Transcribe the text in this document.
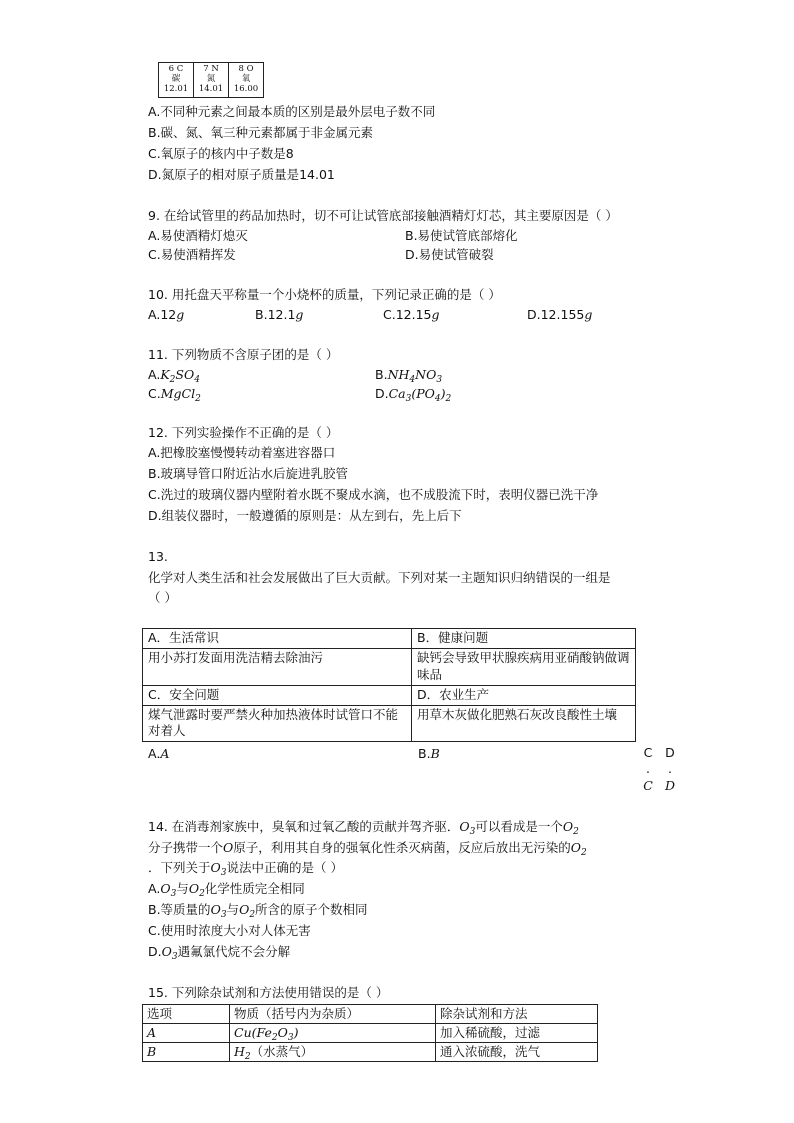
6 C
碳
12.01

7 N
氮
14.01

8 O
氧
16.00
A.不同种元素之间最本质的区别是最外层电子数不同
B.碳、氮、氧三种元素都属于非金属元素
C.氧原子的核内中子数是8
D.氮原子的相对原子质量是14.01
9. 在给试管里的药品加热时，切不可让试管底部接触酒精灯灯芯，其主要原因是（ ）
A.易使酒精灯熄灭	B.易使试管底部熔化
C.易使酒精挥发	D.易使试管破裂
10. 用托盘天平称量一个小烧杯的质量，下列记录正确的是（ ）
A.12g	B.12.1g	C.12.15g	D.12.155g
11. 下列物质不含原子团的是（ ）
$A.K_2SO_4$	$B.NH_4NO_3$
C.MgCl$_2$	$D.Ca_3(PO_4)_2$
12. 下列实验操作不正确的是（ ）
A.把橡胶塞慢慢转动着塞进容器口
B.玻璃导管口附近沾水后旋进乳胶管
C.洗过的玻璃仪器内壁附着水既不聚成水滴，也不成股流下时，表明仪器已洗干净
D.组装仪器时，一般遵循的原则是：从左到右，先上后下
13.
化学对人类生活和社会发展做出了巨大贡献。下列对某一主题知识归纳错误的一组是
（ ）
A．生活常识	B．健康问题
用小苏打发面用洗洁精去除油污	缺钙会导致甲状腺疾病用亚硝酸钠做调味品
C．安全问题	D．农业生产
煤气泄露时要严禁火种加热液体时试管口不能对着人	用草木灰做化肥熟石灰改良酸性土壤
A.A	B.B	C
.
C
D
.
D
14. 在消毒剂家族中，臭氧和过氧乙酸的贡献并驾齐驱．$O_3$可以看成是一个$O_2$
分子携带一个O原子，利用其自身的强氧化性杀灭病菌，反应后放出无污染的$O_2$
．下列关于$O_3$说法中正确的是（ ）
$A.O_3$与$O_2$化学性质完全相同
B.等质量的$O_3$与$O_2$所含的原子个数相同
C.使用时浓度大小对人体无害
$D.O_3$遇氟氯代烷不会分解
15. 下列除杂试剂和方法使用错误的是（ ）
选项	物质（括号内为杂质）	除杂试剂和方法
A	$Cu(Fe_2O_3)$	加入稀硫酸，过滤
B	$H_2$（水蒸气）	通入浓硫酸，洗气
